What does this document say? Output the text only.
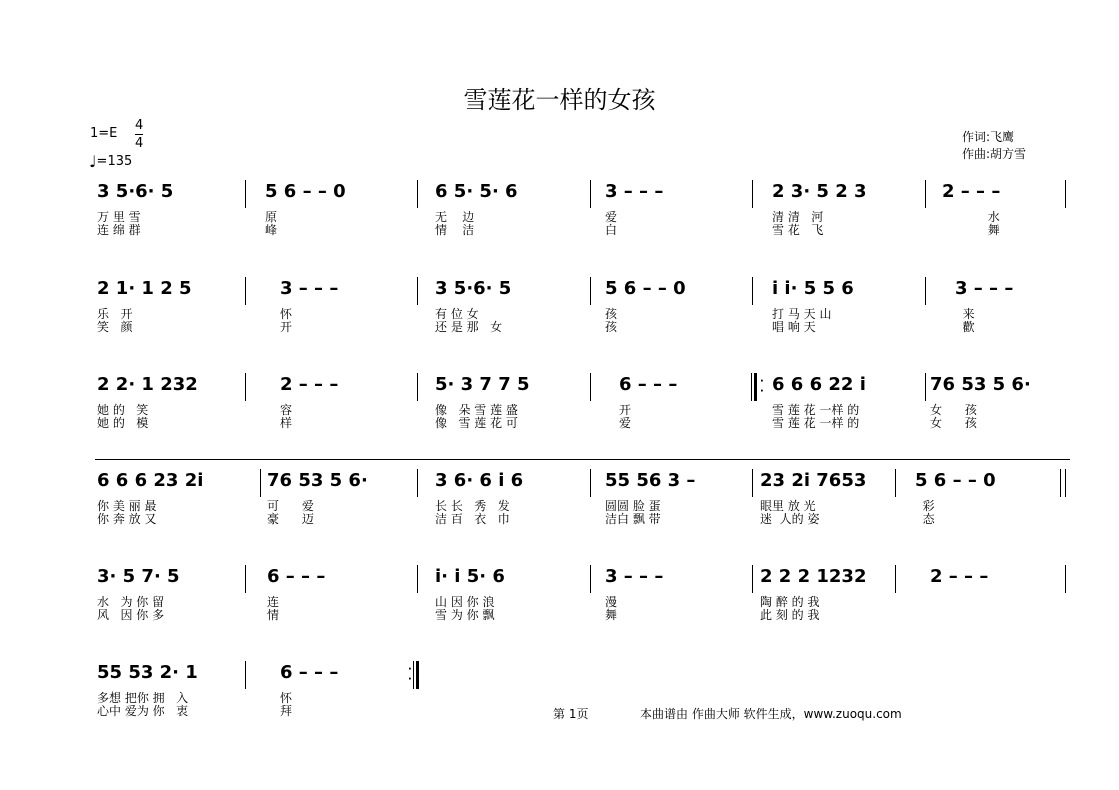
雪莲花一样的女孩
1=E
4
4
♩=135
作词:飞鹰
作曲:胡方雪
3 5·6· 5
万 里 雪
连 绵 群
5 6 – – 0
原
峰
6 5· 5· 6
无    边
情    洁
3 – – –
爱
白
2 3· 5 2 3
清 清   河
雪 花   飞
2 – – –
水
舞
2 1· 1 2 5
乐   开
笑   颜
3 – – –
怀
开
3 5·6· 5
有 位 女
还 是 那   女
5 6 – – 0
孩
孩
i i· 5 5 6
打 马 天 山
唱 响 天
3 – – –
来
歡
2 2· 1 232
她 的   笑
她 的   模
2 – – –
容
样
5· 3 7 7 5
像   朵 雪 莲 盛
像   雪 莲 花 可
6 – – –
开
爱
·
· 6 6 6 22 i
雪 莲 花 一样 的
雪 莲 花 一样 的
76 53 5 6·
女      孩
女      孩
6 6 6 23 2i
你 美 丽 最
你 奔 放 又
76 53 5 6·
可      爱
豪      迈
3 6· 6 i 6
长 长   秀   发
洁 百   衣   巾
55 56 3 –
圆圆 脸 蛋
洁白 飘 带
23 2i 7653
眼里 放 光
迷  人的 姿
5 6 – – 0
彩
态
3· 5 7· 5
水   为 你 留
风   因 你 多
6 – – –
连
情
i· i 5· 6
山 因 你 浪
雪 为 你 飘
3 – – –
漫
舞
2 2 2 1232
陶 醉 的 我
此 刻 的 我
2 – – –
55 53 2· 1
多想 把你 拥   入
心中 爱为 你   衷
6 – – –
怀
拜
·
·
第 1页	本曲谱由 作曲大师 软件生成，www.zuoqu.com
